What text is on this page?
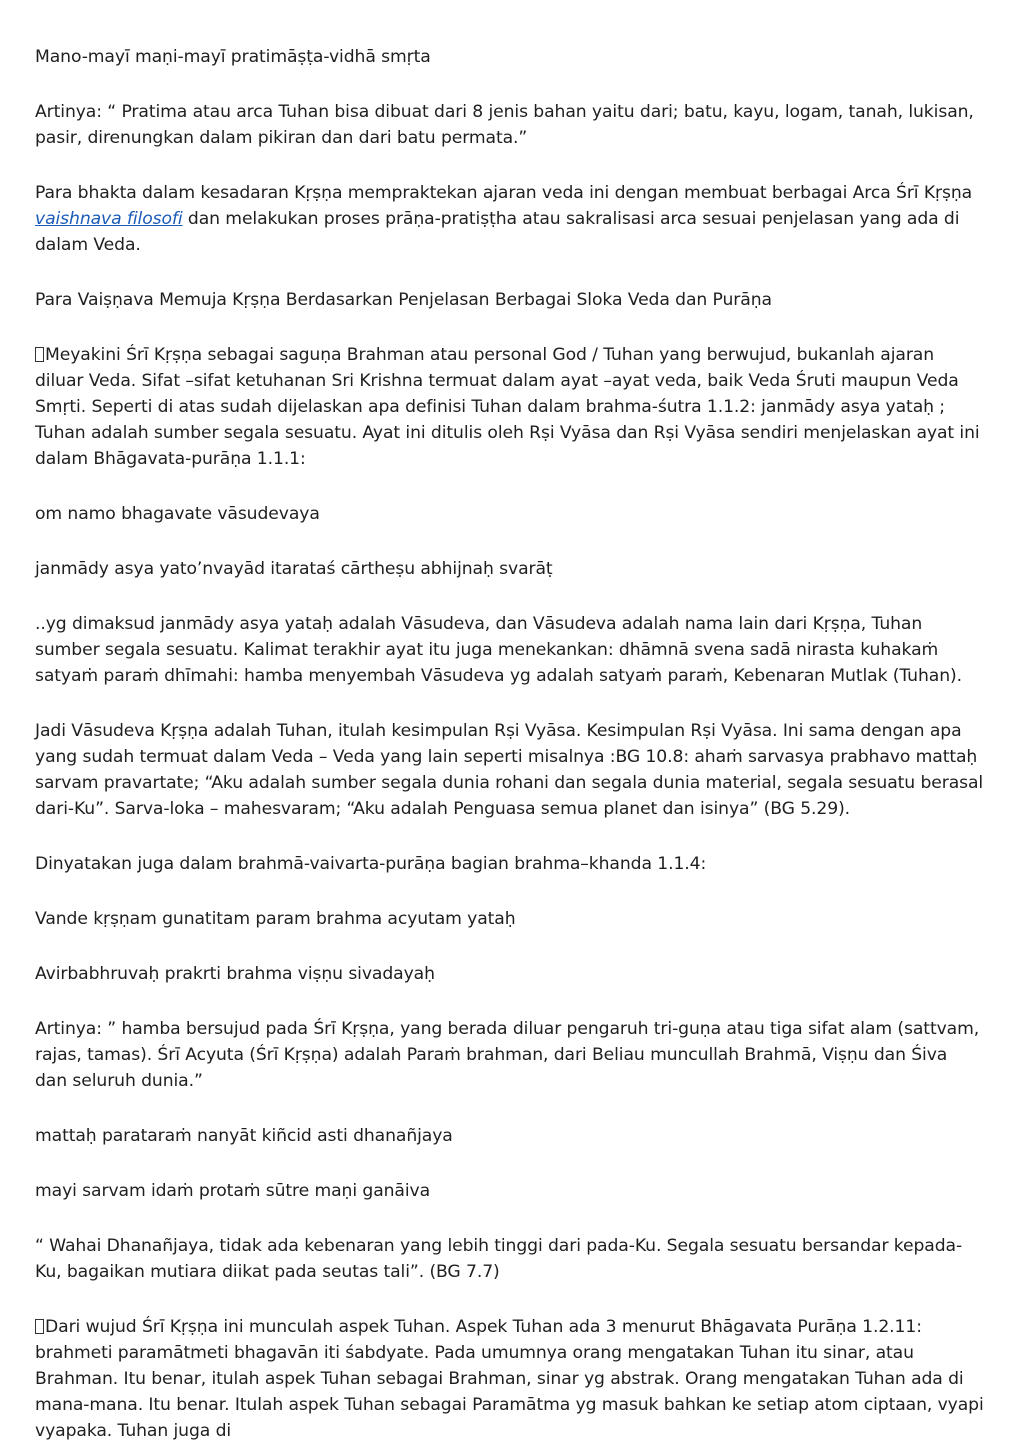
Mano-mayī maṇi-mayī pratimāṣṭa-vidhā smṛta

Artinya: “ Pratima atau arca Tuhan bisa dibuat dari 8 jenis bahan yaitu dari; batu, kayu, logam, tanah, lukisan, pasir, direnungkan dalam pikiran dan dari batu permata.”

Para bhakta dalam kesadaran Kṛṣṇa mempraktekan ajaran veda ini dengan membuat berbagai Arca Śrī Kṛṣṇa vaishnava filosofi dan melakukan proses prāṇa-pratiṣṭha atau sakralisasi arca sesuai penjelasan yang ada di dalam Veda.

Para Vaiṣṇava Memuja Kṛṣṇa Berdasarkan Penjelasan Berbagai Sloka Veda dan Purāṇa

Meyakini Śrī Kṛṣṇa sebagai saguṇa Brahman atau personal God / Tuhan yang berwujud, bukanlah ajaran diluar Veda. Sifat –sifat ketuhanan Sri Krishna termuat dalam ayat –ayat veda, baik Veda Śruti maupun Veda Smṛti. Seperti di atas sudah dijelaskan apa definisi Tuhan dalam brahma-śutra 1.1.2: janmādy asya yataḥ ; Tuhan adalah sumber segala sesuatu. Ayat ini ditulis oleh Rṣi Vyāsa dan Rṣi Vyāsa sendiri menjelaskan ayat ini dalam Bhāgavata-purāṇa 1.1.1:

om namo bhagavate vāsudevaya

janmādy asya yato’nvayād itarataś cārtheṣu abhijnaḥ svarāṭ

..yg dimaksud janmādy asya yataḥ adalah Vāsudeva, dan Vāsudeva adalah nama lain dari Kṛṣṇa, Tuhan sumber segala sesuatu. Kalimat terakhir ayat itu juga menekankan: dhāmnā svena sadā nirasta kuhakaṁ satyaṁ paraṁ dhīmahi: hamba menyembah Vāsudeva yg adalah satyaṁ paraṁ, Kebenaran Mutlak (Tuhan).

Jadi Vāsudeva Kṛṣṇa adalah Tuhan, itulah kesimpulan Rṣi Vyāsa. Kesimpulan Rṣi Vyāsa. Ini sama dengan apa yang sudah termuat dalam Veda – Veda yang lain seperti misalnya :BG 10.8: ahaṁ sarvasya prabhavo mattaḥ sarvam pravartate; “Aku adalah sumber segala dunia rohani dan segala dunia material, segala sesuatu berasal dari-Ku”. Sarva-loka – mahesvaram; “Aku adalah Penguasa semua planet dan isinya” (BG 5.29).

Dinyatakan juga dalam brahmā-vaivarta-purāṇa bagian brahma–khanda 1.1.4:

Vande kṛṣṇam gunatitam param brahma acyutam yataḥ

Avirbabhruvaḥ prakrti brahma viṣṇu sivadayaḥ

Artinya: ” hamba bersujud pada Śrī Kṛṣṇa, yang berada diluar pengaruh tri-guṇa atau tiga sifat alam (sattvam, rajas, tamas). Śrī Acyuta (Śrī Kṛṣṇa) adalah Paraṁ brahman, dari Beliau muncullah Brahmā, Viṣṇu dan Śiva dan seluruh dunia.”

mattaḥ parataraṁ nanyāt kiñcid asti dhanañjaya

mayi sarvam idaṁ protaṁ sūtre maṇi ganāiva

“ Wahai Dhanañjaya, tidak ada kebenaran yang lebih tinggi dari pada-Ku. Segala sesuatu bersandar kepada-Ku, bagaikan mutiara diikat pada seutas tali”. (BG 7.7)

Dari wujud Śrī Kṛṣṇa ini munculah aspek Tuhan. Aspek Tuhan ada 3 menurut Bhāgavata Purāṇa 1.2.11: brahmeti paramātmeti bhagavān iti śabdyate. Pada umumnya orang mengatakan Tuhan itu sinar, atau Brahman. Itu benar, itulah aspek Tuhan sebagai Brahman, sinar yg abstrak. Orang mengatakan Tuhan ada di mana-mana. Itu benar. Itulah aspek Tuhan sebagai Paramātma yg masuk bahkan ke setiap atom ciptaan, vyapi vyapaka. Tuhan juga di
